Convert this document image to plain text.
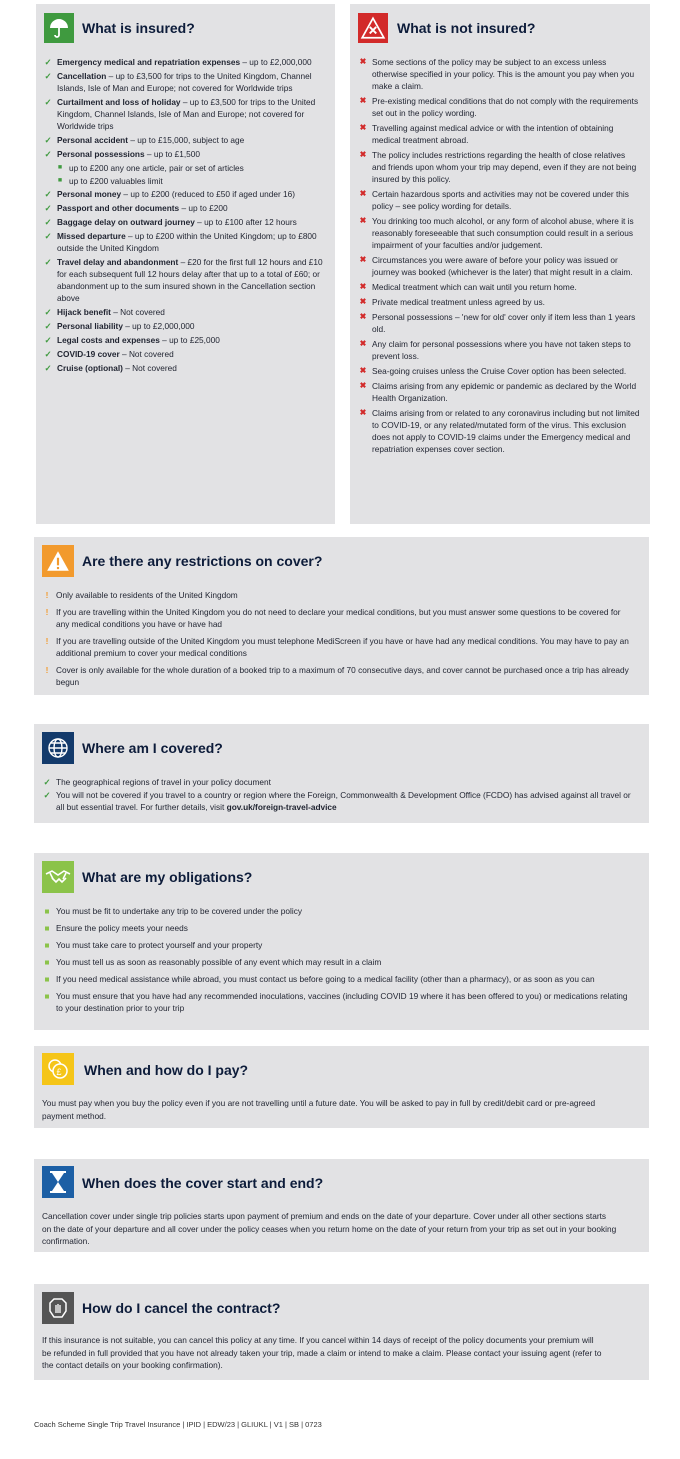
What is insured?
✓ Emergency medical and repatriation expenses – up to £2,000,000
✓ Cancellation – up to £3,500 for trips to the United Kingdom, Channel Islands, Isle of Man and Europe; not covered for Worldwide trips
✓ Curtailment and loss of holiday – up to £3,500 for trips to the United Kingdom, Channel Islands, Isle of Man and Europe; not covered for Worldwide trips
✓ Personal accident – up to £15,000, subject to age
✓ Personal possessions – up to £1,500
■ up to £200 any one article, pair or set of articles
■ up to £200 valuables limit
✓ Personal money – up to £200 (reduced to £50 if aged under 16)
✓ Passport and other documents – up to £200
✓ Baggage delay on outward journey – up to £100 after 12 hours
✓ Missed departure – up to £200 within the United Kingdom; up to £800 outside the United Kingdom
✓ Travel delay and abandonment – £20 for the first full 12 hours and £10 for each subsequent full 12 hours delay after that up to a total of £60; or abandonment up to the sum insured shown in the Cancellation section above
✓ Hijack benefit – Not covered
✓ Personal liability – up to £2,000,000
✓ Legal costs and expenses – up to £25,000
✓ COVID-19 cover – Not covered
✓ Cruise (optional) – Not covered
What is not insured?
✖ Some sections of the policy may be subject to an excess unless otherwise specified in your policy. This is the amount you pay when you make a claim.
✖ Pre-existing medical conditions that do not comply with the requirements set out in the policy wording.
✖ Travelling against medical advice or with the intention of obtaining medical treatment abroad.
✖ The policy includes restrictions regarding the health of close relatives and friends upon whom your trip may depend, even if they are not being insured by this policy.
✖ Certain hazardous sports and activities may not be covered under this policy – see policy wording for details.
✖ You drinking too much alcohol, or any form of alcohol abuse, where it is reasonably foreseeable that such consumption could result in a serious impairment of your faculties and/or judgement.
✖ Circumstances you were aware of before your policy was issued or journey was booked (whichever is the later) that might result in a claim.
✖ Medical treatment which can wait until you return home.
✖ Private medical treatment unless agreed by us.
✖ Personal possessions – 'new for old' cover only if item less than 1 years old.
✖ Any claim for personal possessions where you have not taken steps to prevent loss.
✖ Sea-going cruises unless the Cruise Cover option has been selected.
✖ Claims arising from any epidemic or pandemic as declared by the World Health Organization.
✖ Claims arising from or related to any coronavirus including but not limited to COVID-19, or any related/mutated form of the virus. This exclusion does not apply to COVID-19 claims under the Emergency medical and repatriation expenses cover section.
Are there any restrictions on cover?
! Only available to residents of the United Kingdom
! If you are travelling within the United Kingdom you do not need to declare your medical conditions, but you must answer some questions to be covered for any medical conditions you have or have had
! If you are travelling outside of the United Kingdom you must telephone MediScreen if you have or have had any medical conditions. You may have to pay an additional premium to cover your medical conditions
! Cover is only available for the whole duration of a booked trip to a maximum of 70 consecutive days, and cover cannot be purchased once a trip has already begun
Where am I covered?
✓ The geographical regions of travel in your policy document
✓ You will not be covered if you travel to a country or region where the Foreign, Commonwealth & Development Office (FCDO) has advised against all travel or all but essential travel. For further details, visit gov.uk/foreign-travel-advice
What are my obligations?
■ You must be fit to undertake any trip to be covered under the policy
■ Ensure the policy meets your needs
■ You must take care to protect yourself and your property
■ You must tell us as soon as reasonably possible of any event which may result in a claim
■ If you need medical assistance while abroad, you must contact us before going to a medical facility (other than a pharmacy), or as soon as you can
■ You must ensure that you have had any recommended inoculations, vaccines (including COVID 19 where it has been offered to you) or medications relating to your destination prior to your trip
£ When and how do I pay?
You must pay when you buy the policy even if you are not travelling until a future date. You will be asked to pay in full by credit/debit card or pre-agreed payment method.
When does the cover start and end?
Cancellation cover under single trip policies starts upon payment of premium and ends on the date of your departure. Cover under all other sections starts on the date of your departure and all cover under the policy ceases when you return home on the date of your return from your trip as set out in your booking confirmation.
How do I cancel the contract?
If this insurance is not suitable, you can cancel this policy at any time. If you cancel within 14 days of receipt of the policy documents your premium will be refunded in full provided that you have not already taken your trip, made a claim or intend to make a claim. Please contact your issuing agent (refer to the contact details on your booking confirmation).
Coach Scheme Single Trip Travel Insurance | IPID | EDW/23 | GLIUKL | V1 | SB | 0723
